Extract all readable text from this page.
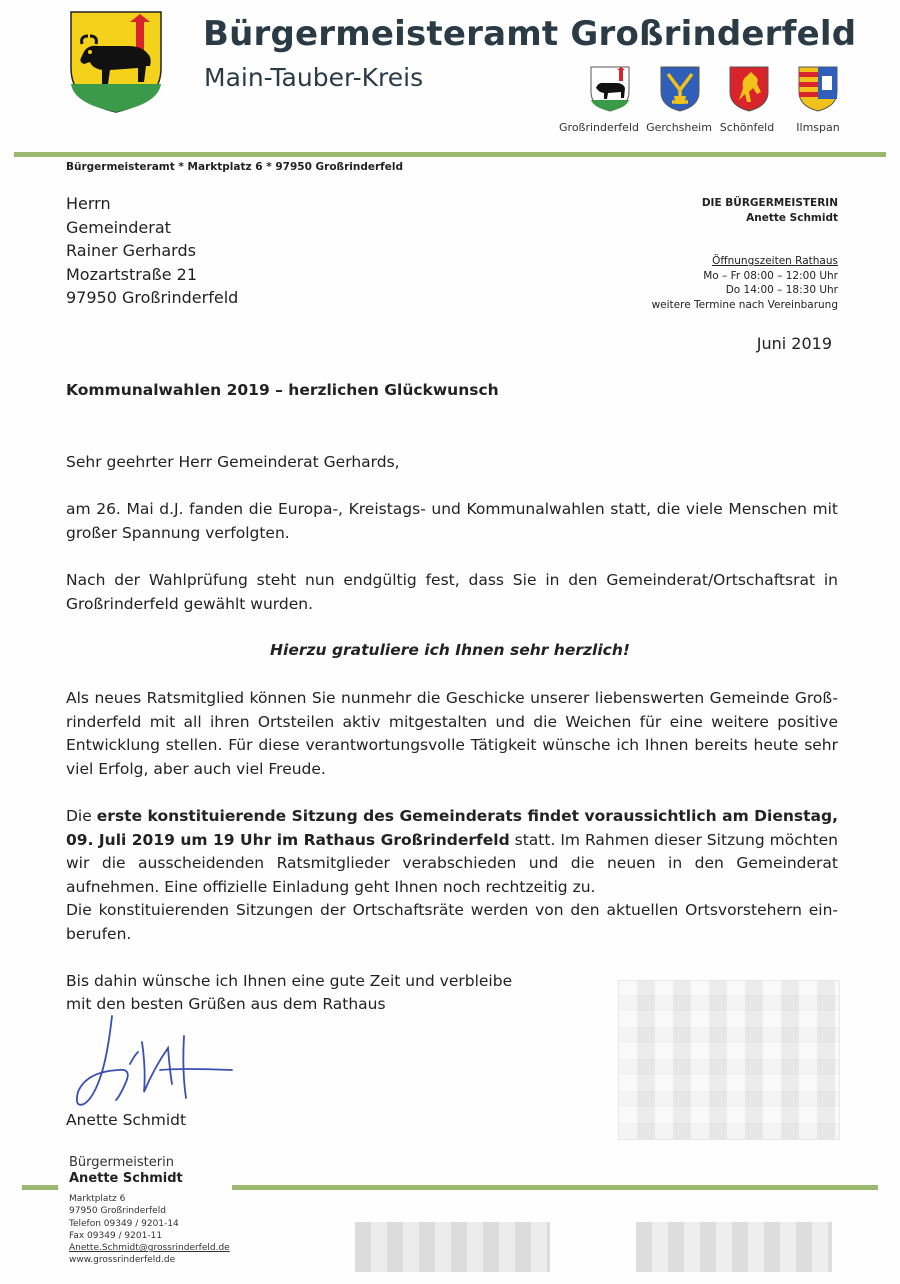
Bürgermeisteramt Großrinderfeld
Main-Tauber-Kreis
Großrinderfeld Gerchsheim Schönfeld	Ilmspan
Bürgermeisteramt * Marktplatz 6 * 97950 Großrinderfeld
Herrn
Gemeinderat
Rainer Gerhards
Mozartstraße 21
97950 Großrinderfeld
DIE BÜRGERMEISTERIN
Anette Schmidt
Öffnungszeiten Rathaus
Mo – Fr 08:00 – 12:00 Uhr
Do 14:00 – 18:30 Uhr
weitere Termine nach Vereinbarung
Juni 2019
Kommunalwahlen 2019 – herzlichen Glückwunsch
Sehr geehrter Herr Gemeinderat Gerhards,
am 26. Mai d.J. fanden die Europa-, Kreistags- und Kommunalwahlen statt, die viele Menschen mit großer Spannung verfolgten.
Nach der Wahlprüfung steht nun endgültig fest, dass Sie in den Gemeinderat/Ortschaftsrat in Großrinderfeld gewählt wurden.
Hierzu gratuliere ich Ihnen sehr herzlich!
Als neues Ratsmitglied können Sie nunmehr die Geschicke unserer liebenswerten Gemeinde Groß-rinderfeld mit all ihren Ortsteilen aktiv mitgestalten und die Weichen für eine weitere positive Entwicklung stellen. Für diese verantwortungsvolle Tätigkeit wünsche ich Ihnen bereits heute sehr viel Erfolg, aber auch viel Freude.
Die erste konstituierende Sitzung des Gemeinderats findet voraussichtlich am Dienstag, 09. Juli 2019 um 19 Uhr im Rathaus Großrinderfeld statt. Im Rahmen dieser Sitzung möchten wir die ausscheidenden Ratsmitglieder verabschieden und die neuen in den Gemeinderat aufnehmen. Eine offizielle Einladung geht Ihnen noch rechtzeitig zu.
Die konstituierenden Sitzungen der Ortschaftsräte werden von den aktuellen Ortsvorstehern ein-berufen.
Bis dahin wünsche ich Ihnen eine gute Zeit und verbleibe
mit den besten Grüßen aus dem Rathaus
Anette Schmidt
Bürgermeisterin
Anette Schmidt
Marktplatz 6
97950 Großrinderfeld
Telefon 09349 / 9201-14
Fax 09349 / 9201-11
Anette.Schmidt@grossrinderfeld.de
www.grossrinderfeld.de
